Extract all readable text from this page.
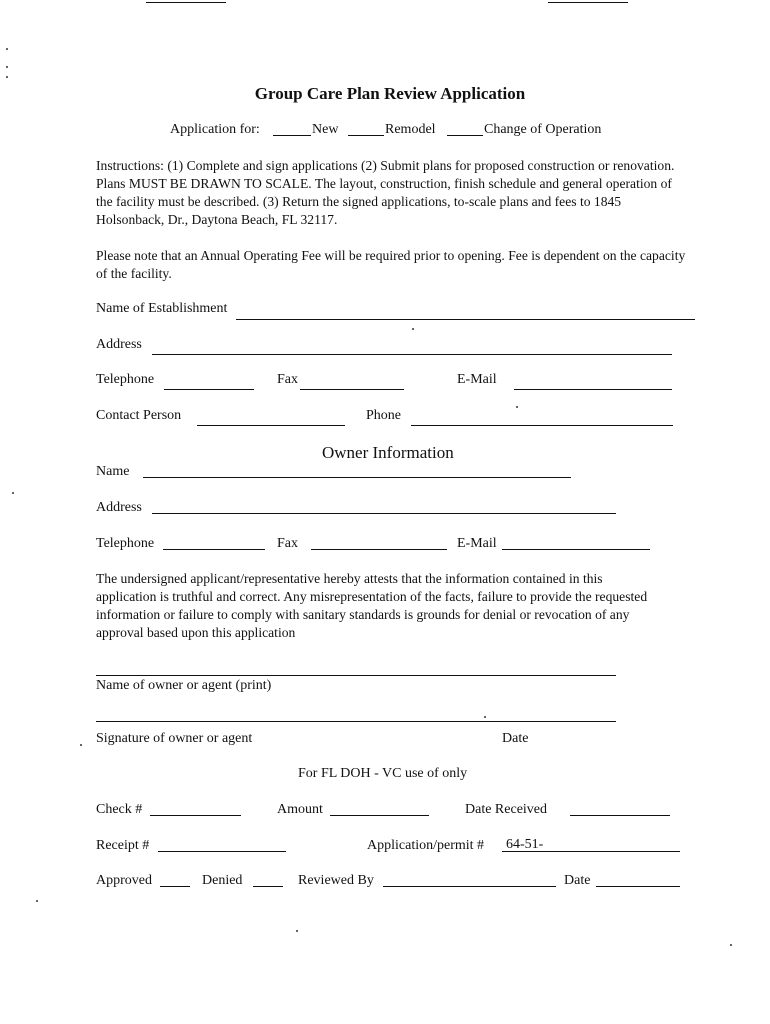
Group Care Plan Review Application
Application for:	New	Remodel	Change of Operation
Instructions: (1) Complete and sign applications (2) Submit plans for proposed construction or renovation. Plans MUST BE DRAWN TO SCALE. The layout, construction, finish schedule and general operation of the facility must be described. (3) Return the signed applications, to-scale plans and fees to 1845 Holsonback, Dr., Daytona Beach, FL 32117.
Please note that an Annual Operating Fee will be required prior to opening. Fee is dependent on the capacity of the facility.
Name of Establishment
Address
Telephone	Fax	E-Mail
Contact Person	Phone
Owner Information
Name
Address
Telephone	Fax	E-Mail
The undersigned applicant/representative hereby attests that the information contained in this application is truthful and correct. Any misrepresentation of the facts, failure to provide the requested information or failure to comply with sanitary standards is grounds for denial or revocation of any approval based upon this application
Name of owner or agent (print)
Signature of owner or agent	Date
For FL DOH - VC use of only
Check #	Amount	Date Received
Receipt #	Application/permit # 64-51-
Approved	Denied	Reviewed By	Date
